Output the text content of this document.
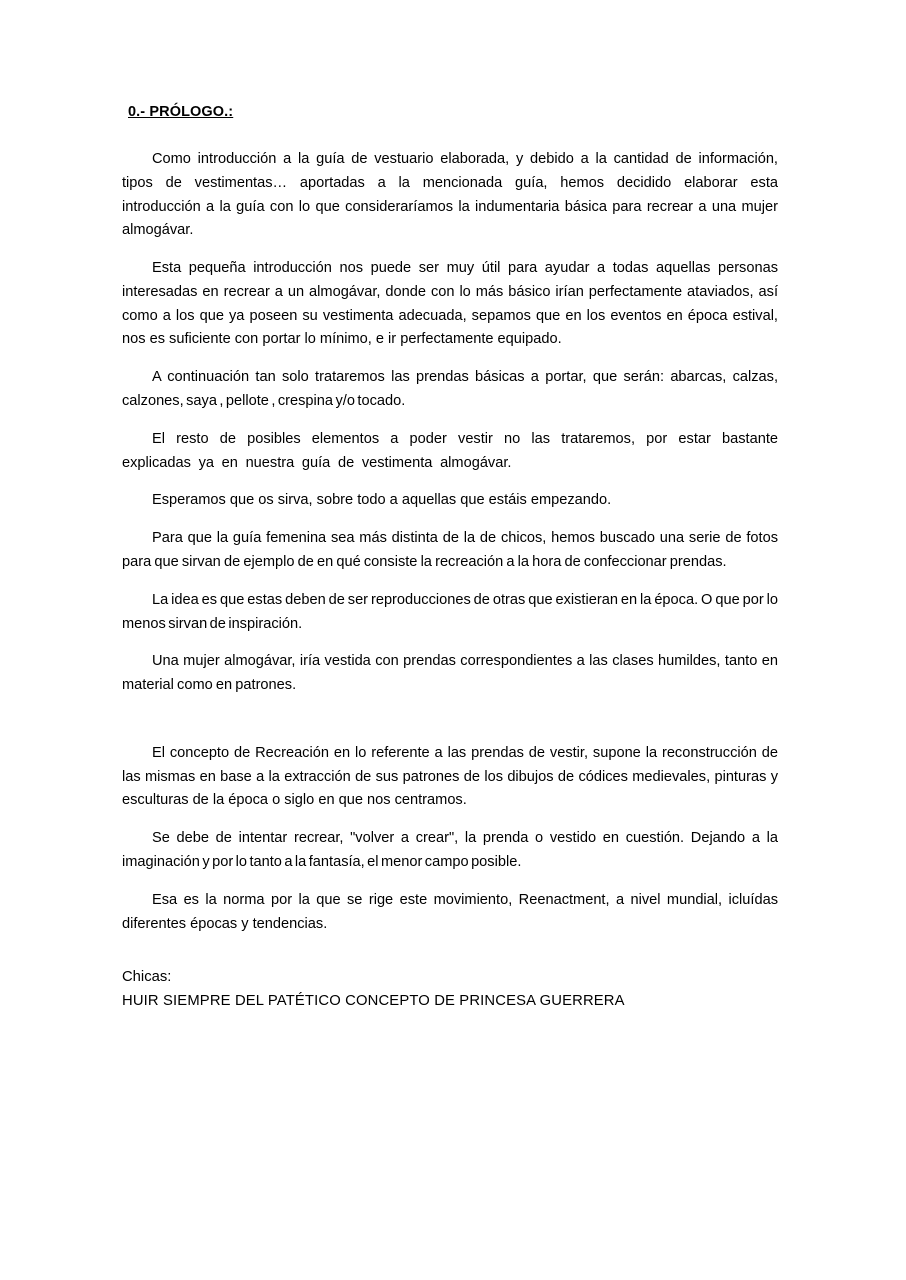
0.- PRÓLOGO.:

Como introducción a la guía de vestuario elaborada, y debido a la cantidad de información, tipos de vestimentas… aportadas a la mencionada guía, hemos decidido elaborar esta introducción a la guía con lo que consideraríamos la indumentaria básica para recrear a una mujer almogávar.

Esta pequeña introducción nos puede ser muy útil para ayudar a todas aquellas personas interesadas en recrear a un almogávar, donde con lo más básico irían perfectamente ataviados, así como a los que ya poseen su vestimenta adecuada, sepamos que en los eventos en época estival, nos es suficiente con portar lo mínimo, e ir perfectamente equipado.

A continuación tan solo trataremos las prendas básicas a portar, que serán: abarcas, calzas, calzones, saya , pellote , crespina y/o tocado.

El resto de posibles elementos a poder vestir no las trataremos, por estar bastante explicadas ya en nuestra guía de vestimenta almogávar.

Esperamos que os sirva, sobre todo a aquellas que estáis empezando.

Para que la guía femenina sea más distinta de la de chicos, hemos buscado una serie de fotos para que sirvan de ejemplo de en qué consiste la recreación a la hora de confeccionar prendas.

La idea es que estas deben de ser reproducciones de otras que existieran en la época. O que por lo menos sirvan de inspiración.

Una mujer almogávar, iría vestida con prendas correspondientes a las clases humildes, tanto en material como en patrones.

El concepto de Recreación en lo referente a las prendas de vestir, supone la reconstrucción de las mismas en base a la extracción de sus patrones de los dibujos de códices medievales, pinturas y esculturas de la época o siglo en que nos centramos.

Se debe de intentar recrear, "volver a crear", la prenda o vestido en cuestión. Dejando a la imaginación y por lo tanto a la fantasía, el menor campo posible.

Esa es la norma por la que se rige este movimiento, Reenactment, a nivel mundial, icluídas diferentes épocas y tendencias.

Chicas:

HUIR SIEMPRE DEL PATÉTICO CONCEPTO DE PRINCESA GUERRERA
